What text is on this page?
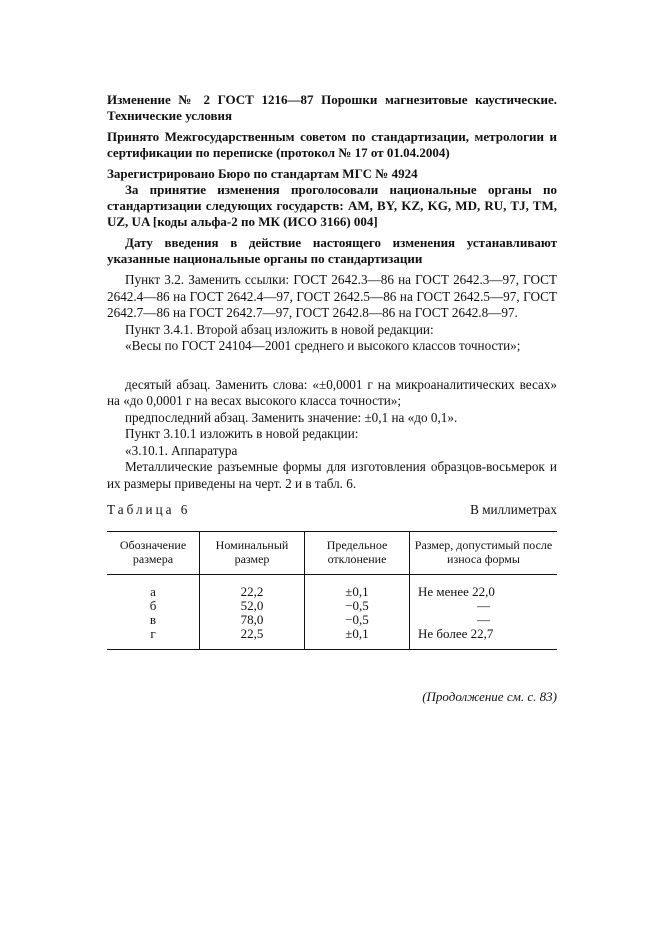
Изменение № 2 ГОСТ 1216—87 Порошки магнезитовые каустические. Технические условия

Принято Межгосударственным советом по стандартизации, метрологии и сертификации по переписке (протокол № 17 от 01.04.2004)

Зарегистрировано Бюро по стандартам МГС № 4924

За принятие изменения проголосовали национальные органы по стандартизации следующих государств: AM, BY, KZ, KG, MD, RU, TJ, TM, UZ, UA [коды альфа-2 по МК (ИСО 3166) 004]

Дату введения в действие настоящего изменения устанавливают указанные национальные органы по стандартизации

Пункт 3.2. Заменить ссылки: ГОСТ 2642.3—86 на ГОСТ 2642.3—97, ГОСТ 2642.4—86 на ГОСТ 2642.4—97, ГОСТ 2642.5—86 на ГОСТ 2642.5—97, ГОСТ 2642.7—86 на ГОСТ 2642.7—97, ГОСТ 2642.8—86 на ГОСТ 2642.8—97.

Пункт 3.4.1. Второй абзац изложить в новой редакции:

«Весы по ГОСТ 24104—2001 среднего и высокого классов точности»;

десятый абзац. Заменить слова: «±0,0001 г на микроаналитических весах» на «до 0,0001 г на весах высокого класса точности»;

предпоследний абзац. Заменить значение: ±0,1 на «до 0,1».

Пункт 3.10.1 изложить в новой редакции:

«3.10.1. Аппаратура

Металлические разъемные формы для изготовления образцов-восьмерок и их размеры приведены на черт. 2 и в табл. 6.

Таблица 6	В миллиметрах
Обозначение размера	Номинальный размер	Предельное отклонение	Размер, допустимый после износа формы
а	22,2	±0,1	Не менее 22,0
б	52,0	−0,5	—
в	78,0	−0,5	—
г	22,5	±0,1	Не более 22,7
(Продолжение см. с. 83)
